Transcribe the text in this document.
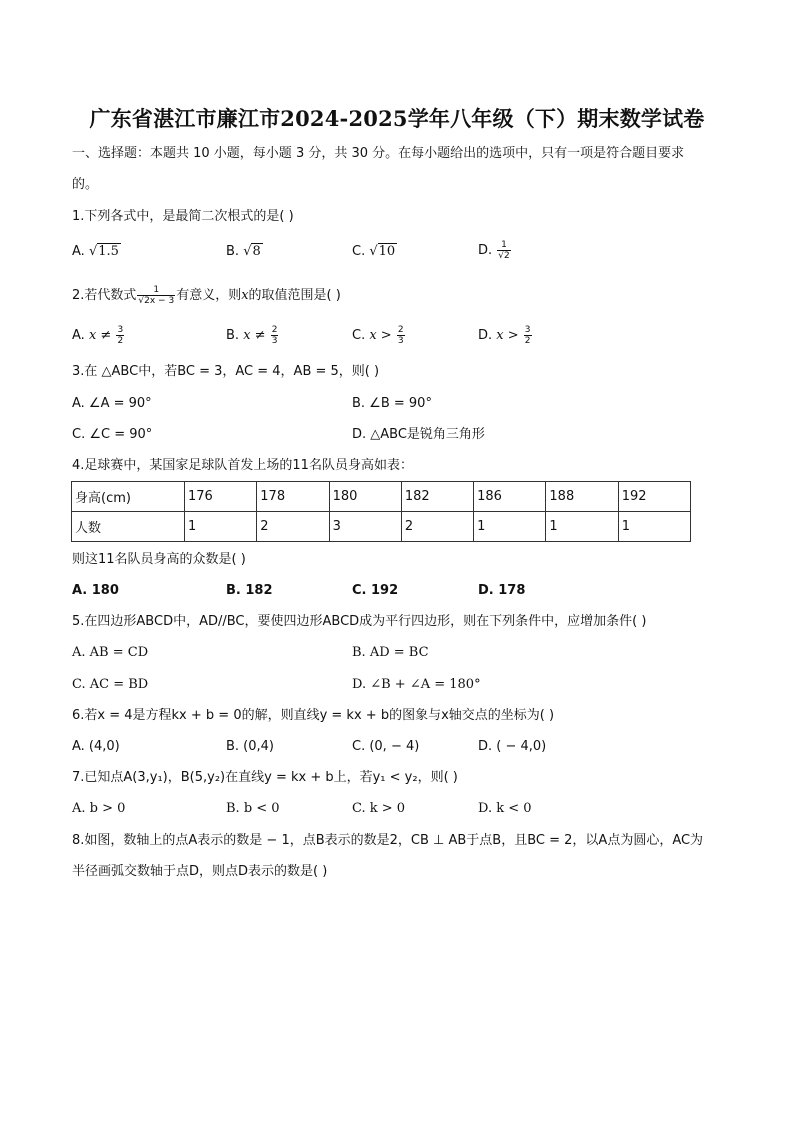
广东省湛江市廉江市2024-2025学年八年级（下）期末数学试卷
一、选择题：本题共 10 小题，每小题 3 分，共 30 分。在每小题给出的选项中，只有一项是符合题目要求
的。
1.下列各式中，是最简二次根式的是( )
A. √1.5	B. √8	C. √10	D. $\frac{1}{√2}$
2.若代数式 $\frac{1}{√2x - 3}$ 有意义，则x的取值范围是( )
A. $x \ne \frac{3}{2}$	B. $x \ne \frac{2}{3}$	C. $x > \frac{2}{3}$	D. $x > \frac{3}{2}$
3.在 △ABC中，若BC = 3，AC = 4，AB = 5，则( )
A. ∠A = 90°	B. ∠B = 90°
C. ∠C = 90°	D. △ABC是锐角三角形
4.足球赛中，某国家足球队首发上场的11名队员身高如表：
身高(cm)	176	178	180	182	186	188	192
人数	1	2	3	2	1	1	1
则这11名队员身高的众数是( )
A. 180	B. 182	C. 192	D. 178
5.在四边形ABCD中，AD//BC，要使四边形ABCD成为平行四边形，则在下列条件中，应增加条件( )
A. AB = CD	B. AD = BC
C. AC = BD	D. ∠B + ∠A = 180°
6.若x = 4是方程kx + b = 0的解，则直线y = kx + b的图象与x轴交点的坐标为( )
A. (4,0)	B. (0,4)	C. (0, − 4)	D. ( − 4,0)
7.已知点A(3,y₁)，B(5,y₂)在直线y = kx + b上，若y₁ < y₂，则( )
A. b > 0	B. b < 0	C. k > 0	D. k < 0
8.如图，数轴上的点A表示的数是 − 1，点B表示的数是2，CB ⊥ AB于点B，且BC = 2，以A点为圆心，AC为
半径画弧交数轴于点D，则点D表示的数是( )
